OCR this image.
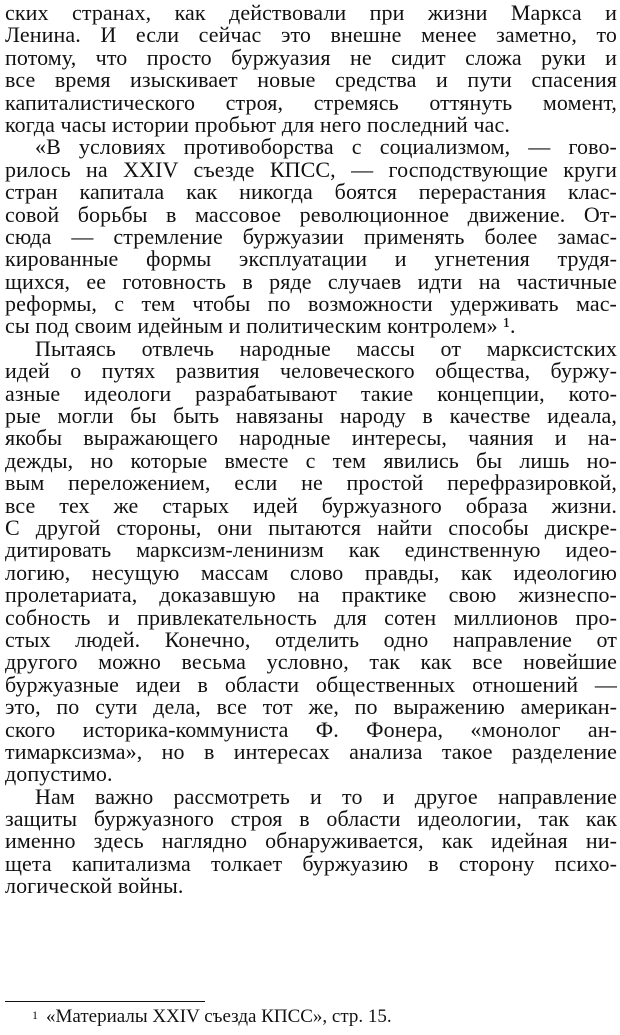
ских странах, как действовали при жизни Маркса и
Ленина. И если сейчас это внешне менее заметно, то
потому, что просто буржуазия не сидит сложа руки и
все время изыскивает новые средства и пути спасения
капиталистического строя, стремясь оттянуть момент,
когда часы истории пробьют для него последний час.
«В условиях противоборства с социализмом, — гово-
рилось на XXIV съезде КПСС, — господствующие круги
стран капитала как никогда боятся перерастания клас-
совой борьбы в массовое революционное движение. От-
сюда — стремление буржуазии применять более замас-
кированные формы эксплуатации и угнетения трудя-
щихся, ее готовность в ряде случаев идти на частичные
реформы, с тем чтобы по возможности удерживать мас-
сы под своим идейным и политическим контролем» ¹.
Пытаясь отвлечь народные массы от марксистских
идей о путях развития человеческого общества, буржу-
азные идеологи разрабатывают такие концепции, кото-
рые могли бы быть навязаны народу в качестве идеала,
якобы выражающего народные интересы, чаяния и на-
дежды, но которые вместе с тем явились бы лишь но-
вым переложением, если не простой перефразировкой,
все тех же старых идей буржуазного образа жизни.
С другой стороны, они пытаются найти способы дискре-
дитировать марксизм-ленинизм как единственную идео-
логию, несущую массам слово правды, как идеологию
пролетариата, доказавшую на практике свою жизнеспо-
собность и привлекательность для сотен миллионов про-
стых людей. Конечно, отделить одно направление от
другого можно весьма условно, так как все новейшие
буржуазные идеи в области общественных отношений —
это, по сути дела, все тот же, по выражению американ-
ского историка-коммуниста Ф. Фонера, «монолог ан-
тимарксизма», но в интересах анализа такое разделение
допустимо.
Нам важно рассмотреть и то и другое направление
защиты буржуазного строя в области идеологии, так как
именно здесь наглядно обнаруживается, как идейная ни-
щета капитализма толкает буржуазию в сторону психо-
логической войны.
$^1$ «Материалы XXIV съезда КПСС», стр. 15.
